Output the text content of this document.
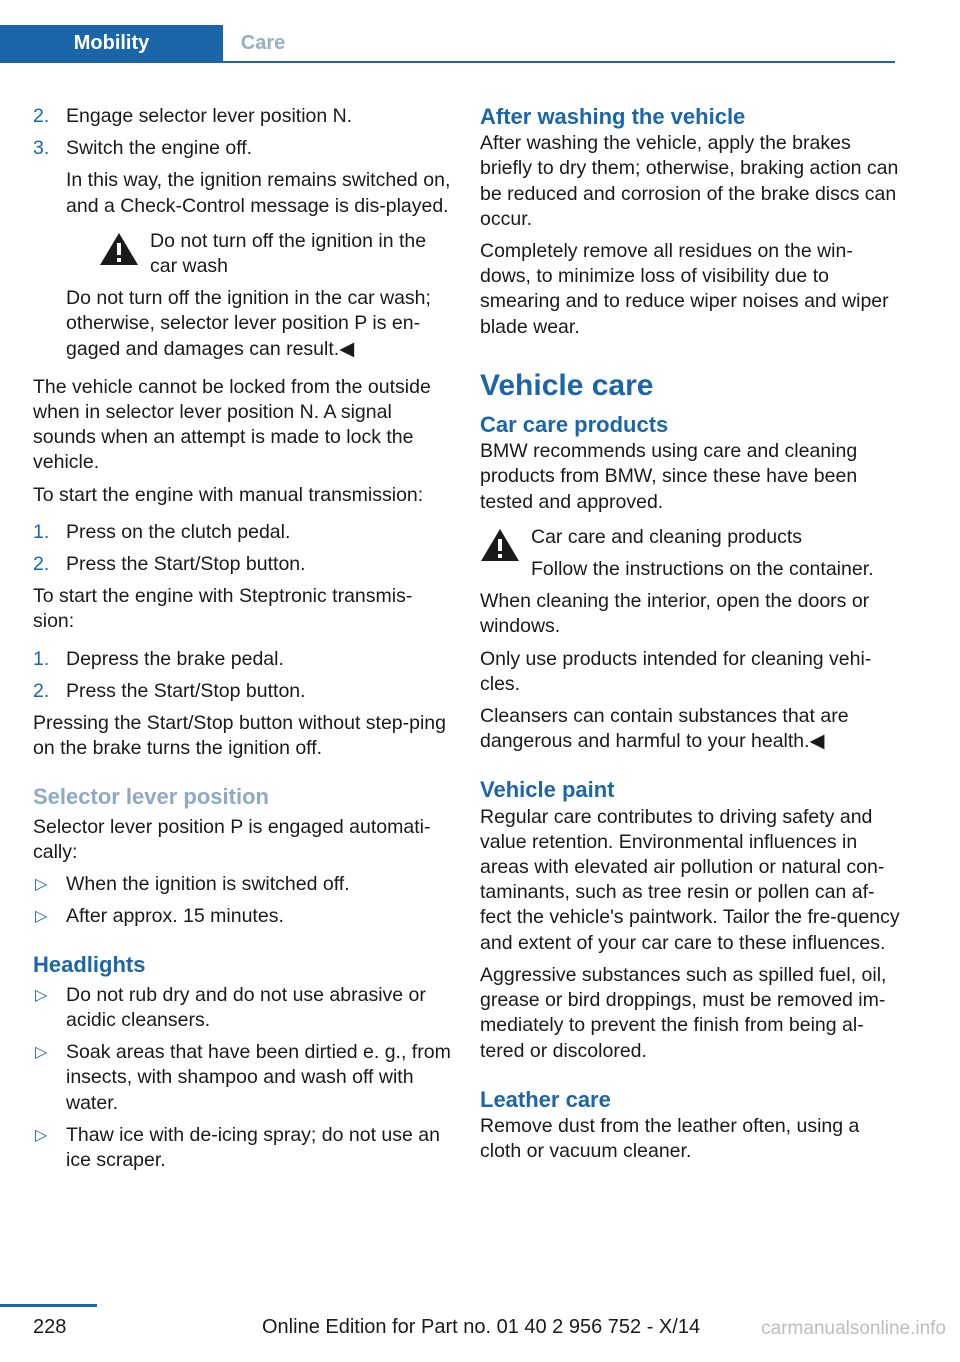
Mobility	Care
2. Engage selector lever position N.
3. Switch the engine off.

In this way, the ignition remains switched on, and a Check-Control message is dis-played.

Do not turn off the ignition in the car wash

Do not turn off the ignition in the car wash; otherwise, selector lever position P is en-gaged and damages can result.◀

The vehicle cannot be locked from the outside when in selector lever position N. A signal sounds when an attempt is made to lock the vehicle.

To start the engine with manual transmission:

1. Press on the clutch pedal.
2. Press the Start/Stop button.

To start the engine with Steptronic transmis-sion:

1. Depress the brake pedal.
2. Press the Start/Stop button.

Pressing the Start/Stop button without step-ping on the brake turns the ignition off.

Selector lever position

Selector lever position P is engaged automati-cally:

▷ When the ignition is switched off.
▷ After approx. 15 minutes.
Headlights
▷ Do not rub dry and do not use abrasive or acidic cleansers.
▷ Soak areas that have been dirtied e. g., from insects, with shampoo and wash off with water.
▷ Thaw ice with de-icing spray; do not use an ice scraper.
After washing the vehicle

After washing the vehicle, apply the brakes briefly to dry them; otherwise, braking action can be reduced and corrosion of the brake discs can occur.

Completely remove all residues on the win-dows, to minimize loss of visibility due to smearing and to reduce wiper noises and wiper blade wear.

Vehicle care
Car care products

BMW recommends using care and cleaning products from BMW, since these have been tested and approved.

Car care and cleaning products
Follow the instructions on the container.

When cleaning the interior, open the doors or windows.

Only use products intended for cleaning vehi-cles.

Cleansers can contain substances that are dangerous and harmful to your health.◀

Vehicle paint

Regular care contributes to driving safety and value retention. Environmental influences in areas with elevated air pollution or natural con-taminants, such as tree resin or pollen can af-fect the vehicle's paintwork. Tailor the fre-quency and extent of your car care to these influences.

Aggressive substances such as spilled fuel, oil, grease or bird droppings, must be removed im-mediately to prevent the finish from being al-tered or discolored.

Leather care

Remove dust from the leather often, using a cloth or vacuum cleaner.

228	Online Edition for Part no. 01 40 2 956 752 - X/14	carmanualsonline.info
